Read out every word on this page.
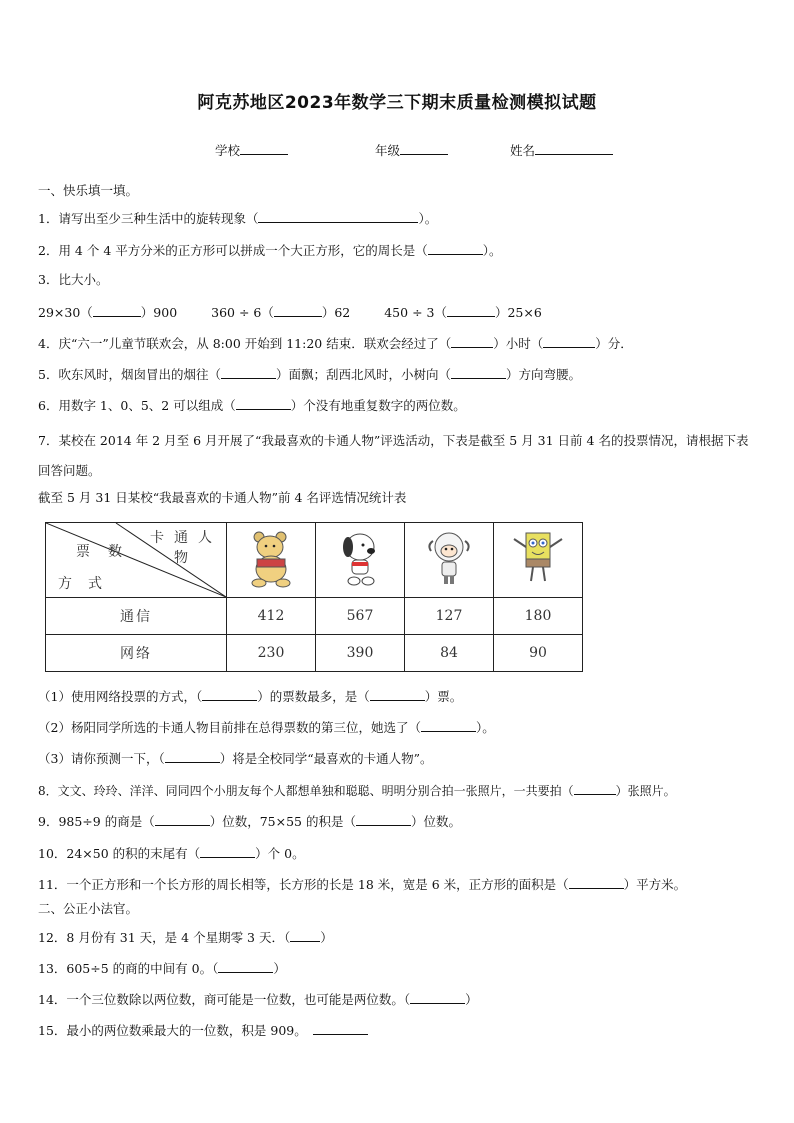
阿克苏地区2023年数学三下期末质量检测模拟试题
学校	年级	姓名
一、快乐填一填。
1．请写出至少三种生活中的旋转现象（	）。
2．用 4 个 4 平方分米的正方形可以拼成一个大正方形，它的周长是（	）。
3．比大小。
29×30（	）900	360 ÷ 6（	）62	450 ÷ 3（	）25×6
4．庆“六一”儿童节联欢会，从 8:00 开始到 11:20 结束．联欢会经过了（	）小时（	）分．
5．吹东风时，烟囱冒出的烟往（	）面飘；刮西北风时，小树向（	）方向弯腰。
6．用数字 1、0、5、2 可以组成（	）个没有地重复数字的两位数。
7．某校在 2014 年 2 月至 6 月开展了“我最喜欢的卡通人物”评选活动，下表是截至 5 月 31 日前 4 名的投票情况，请根据下表回答问题。
截至 5 月 31 日某校“我最喜欢的卡通人物”前 4 名评选情况统计表
卡通人物
票数
方式

通信	412	567	127	180
网络	230	390	84	90
（1）使用网络投票的方式，（	）的票数最多，是（	）票。
（2）杨阳同学所选的卡通人物目前排在总得票数的第三位，她选了（	）。
（3）请你预测一下，（	）将是全校同学“最喜欢的卡通人物”。
8．文文、玲玲、洋洋、同同四个小朋友每个人都想单独和聪聪、明明分别合拍一张照片，一共要拍（	）张照片。
9．985÷9 的商是（	）位数，75×55 的积是（	）位数。
10．24×50 的积的末尾有（	）个 0。
11．一个正方形和一个长方形的周长相等，长方形的长是 18 米，宽是 6 米，正方形的面积是（	）平方米。
二、公正小法官。
12．8 月份有 31 天，是 4 个星期零 3 天．（ ）
13．605÷5 的商的中间有 0。（	）
14．一个三位数除以两位数，商可能是一位数，也可能是两位数。（	）
15．最小的两位数乘最大的一位数，积是 909。
